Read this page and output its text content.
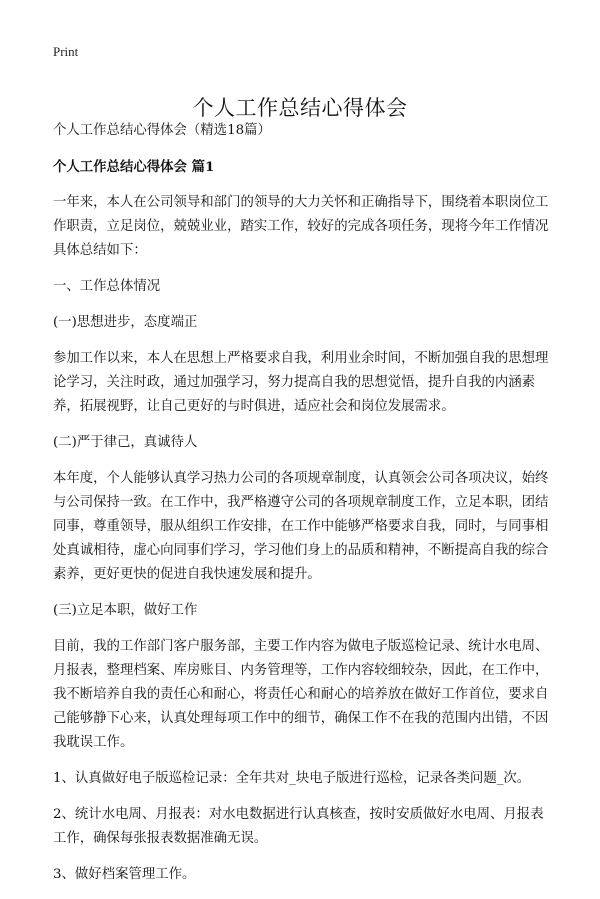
Print
个人工作总结心得体会

个人工作总结心得体会（精选18篇）

个人工作总结心得体会 篇1

一年来，本人在公司领导和部门的领导的大力关怀和正确指导下，围绕着本职岗位工作职责，立足岗位，兢兢业业，踏实工作，较好的完成各项任务，现将今年工作情况具体总结如下：

一、工作总体情况

(一)思想进步，态度端正

参加工作以来，本人在思想上严格要求自我，利用业余时间，不断加强自我的思想理论学习，关注时政，通过加强学习，努力提高自我的思想觉悟，提升自我的内涵素养，拓展视野，让自己更好的与时俱进，适应社会和岗位发展需求。

(二)严于律己，真诚待人

本年度，个人能够认真学习热力公司的各项规章制度，认真领会公司各项决议，始终与公司保持一致。在工作中，我严格遵守公司的各项规章制度工作，立足本职，团结同事，尊重领导，服从组织工作安排，在工作中能够严格要求自我，同时，与同事相处真诚相待，虚心向同事们学习，学习他们身上的品质和精神，不断提高自我的综合素养，更好更快的促进自我快速发展和提升。

(三)立足本职，做好工作

目前，我的工作部门客户服务部，主要工作内容为做电子版巡检记录、统计水电周、月报表，整理档案、库房账目、内务管理等，工作内容较细较杂，因此，在工作中，我不断培养自我的责任心和耐心，将责任心和耐心的培养放在做好工作首位，要求自己能够静下心来，认真处理每项工作中的细节，确保工作不在我的范围内出错，不因我耽误工作。

1、认真做好电子版巡检记录：全年共对_块电子版进行巡检，记录各类问题_次。

2、统计水电周、月报表：对水电数据进行认真核查，按时安质做好水电周、月报表工作，确保每张报表数据准确无误。

3、做好档案管理工作。
